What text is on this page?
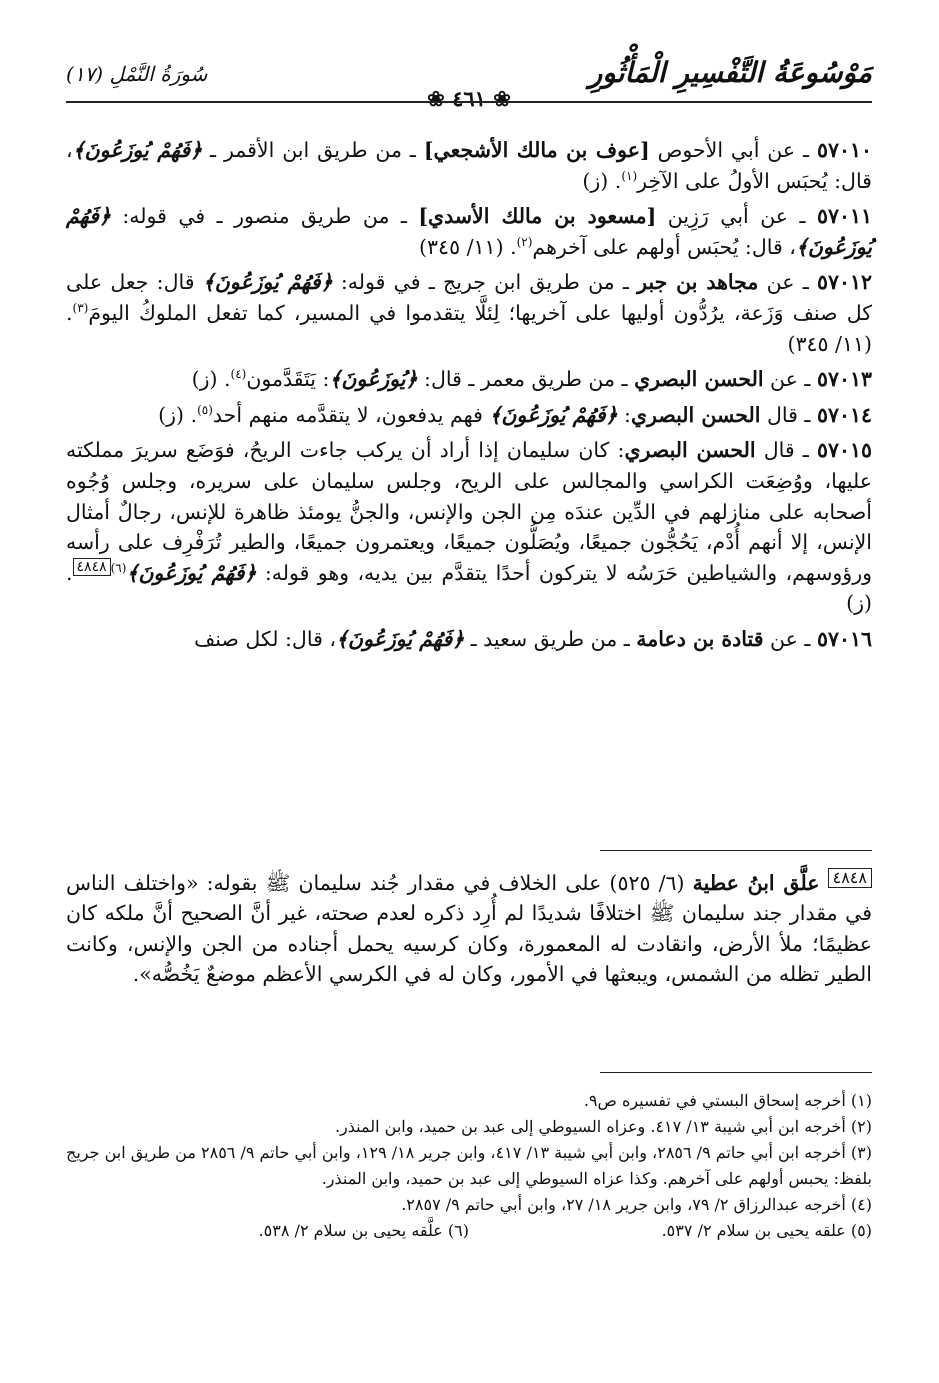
مَوْسُوعَةُ التَّفْسِيرِ الْمَأْثُورِ
❀ ٤٦١ ❀
سُورَةُ النَّمْلِ (١٧)

٥٧٠١٠ ـ عن أبي الأحوص [عوف بن مالك الأشجعي] ـ من طريق ابن الأقمر ـ ﴿فَهُمْ يُوزَعُونَ﴾، قال: يُحبَس الأولُ على الآخِر$^{(١)}$. (ز)

٥٧٠١١ ـ عن أبي رَزِين [مسعود بن مالك الأسدي] ـ من طريق منصور ـ في قوله: ﴿فَهُمْ يُوزَعُونَ﴾، قال: يُحبَس أولهم على آخرهم$^{(٢)}$. (١١/ ٣٤٥)

٥٧٠١٢ ـ عن مجاهد بن جبر ـ من طريق ابن جريج ـ في قوله: ﴿فَهُمْ يُوزَعُونَ﴾ قال: جعل على كل صنف وَزَعة، يرُدُّون أوليها على آخريها؛ لِئلَّا يتقدموا في المسير، كما تفعل الملوكُ اليومَ$^{(٣)}$. (١١/ ٣٤٥)

٥٧٠١٣ ـ عن الحسن البصري ـ من طريق معمر ـ قال: ﴿يُوزَعُونَ﴾: يَتَقَدَّمون$^{(٤)}$. (ز)

٥٧٠١٤ ـ قال الحسن البصري: ﴿فَهُمْ يُوزَعُونَ﴾ فهم يدفعون، لا يتقدَّمه منهم أحد$^{(٥)}$. (ز)

٥٧٠١٥ ـ قال الحسن البصري: كان سليمان إذا أراد أن يركب جاءت الريحُ، فوَضَع سريرَ مملكته عليها، ووُضِعَت الكراسي والمجالس على الريح، وجلس سليمان على سريره، وجلس وُجُوه أصحابه على منازلهم في الدِّين عندَه مِن الجن والإنس، والجنُّ يومئذ ظاهرة للإنس، رجالٌ أمثال الإنس، إلا أنهم أُدْم، يَحُجُّون جميعًا، ويُصَلُّون جميعًا، ويعتمرون جميعًا، والطير تُرَفْرِف على رأسه ورؤوسهم، والشياطين حَرَسُه لا يتركون أحدًا يتقدَّم بين يديه، وهو قوله: ﴿فَهُمْ يُوزَعُونَ﴾$^{(٦)}$٤٨٤٨. (ز)

٥٧٠١٦ ـ عن قتادة بن دعامة ـ من طريق سعيد ـ ﴿فَهُمْ يُوزَعُونَ﴾، قال: لكل صنف

٤٨٤٨ علَّق ابنُ عطية (٦/ ٥٢٥) على الخلاف في مقدار جُند سليمان ﷺ بقوله: «واختلف الناس في مقدار جند سليمان ﷺ اختلافًا شديدًا لم أُرِد ذكره لعدم صحته، غير أنَّ الصحيح أنَّ ملكه كان عظيمًا؛ ملأ الأرض، وانقادت له المعمورة، وكان كرسيه يحمل أجناده من الجن والإنس، وكانت الطير تظله من الشمس، ويبعثها في الأمور، وكان له في الكرسي الأعظم موضعٌ يَخُصُّه».

(١) أخرجه إسحاق البستي في تفسيره ص٩.

(٢) أخرجه ابن أبي شيبة ١٣/ ٤١٧. وعزاه السيوطي إلى عبد بن حميد، وابن المنذر.

(٣) أخرجه ابن أبي حاتم ٩/ ٢٨٥٦، وابن أبي شيبة ١٣/ ٤١٧، وابن جرير ١٨/ ١٢٩، وابن أبي حاتم ٩/ ٢٨٥٦ من طريق ابن جريج بلفظ: يحبس أولهم على آخرهم. وكذا عزاه السيوطي إلى عبد بن حميد، وابن المنذر.

(٤) أخرجه عبدالرزاق ٢/ ٧٩، وابن جرير ١٨/ ٢٧، وابن أبي حاتم ٩/ ٢٨٥٧.

(٥) علقه يحيى بن سلام ٢/ ٥٣٧.

(٦) علَّقه يحيى بن سلام ٢/ ٥٣٨.
